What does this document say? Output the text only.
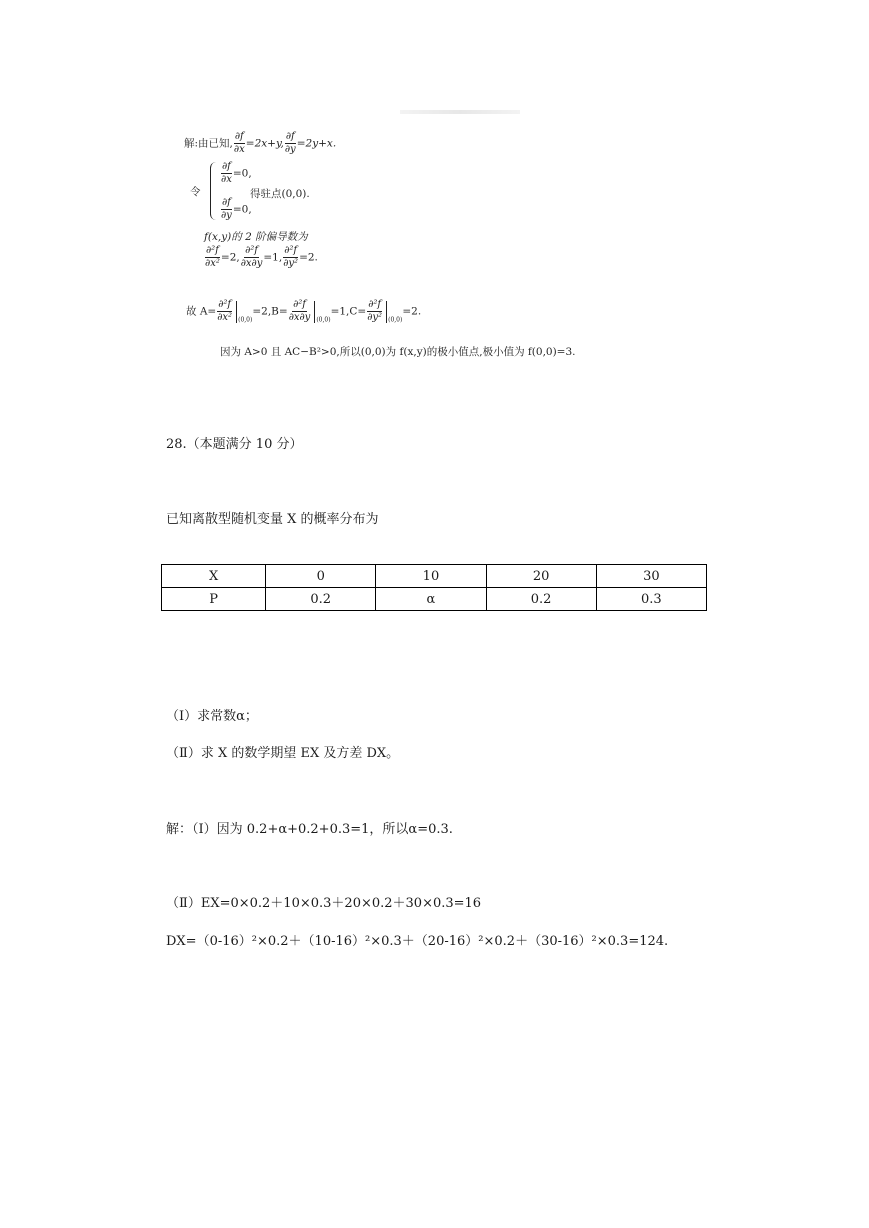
解:由已知, $\frac{\partial f}{\partial x} =2x+y$, $\frac{\partial f}{\partial y} =2y+x$.
令
$\frac{\partial f}{\partial x} =0$,
得驻点(0,0).
$\frac{\partial f}{\partial y} =0$,
f(x,y)的 2 阶偏导数为
$\frac{\text{∂²f}}{\text{∂x²}} =2$, $\frac{\text{∂²f}}{\partial x\partial y} =1$, $\frac{\text{∂²f}}{\text{∂y²}} =2$.
故 $A= \frac{\text{∂²f}}{\text{∂x²}} _{(0,0)}=2,B= \frac{\text{∂²f}}{\partial x\partial y} _{(0,0)}=1,C= \frac{\text{∂²f}}{\text{∂y²}} _{(0,0)}=2$.
因为 A>0 且 AC−B²>0,所以(0,0)为 f(x,y)的极小值点,极小值为 f(0,0)=3.
28.（本题满分 10 分）
已知离散型随机变量 X 的概率分布为
X	0	10	20	30
P	0.2	α	0.2	0.3
（Ⅰ）求常数α；
（Ⅱ）求 X 的数学期望 EX 及方差 DX。
解：（Ⅰ）因为 0.2+α+0.2+0.3=1，所以α=0.3.
（Ⅱ）EX=0×0.2＋10×0.3＋20×0.2＋30×0.3=16
DX=（0-16）²×0.2＋（10-16）²×0.3＋（20-16）²×0.2＋（30-16）²×0.3=124.
